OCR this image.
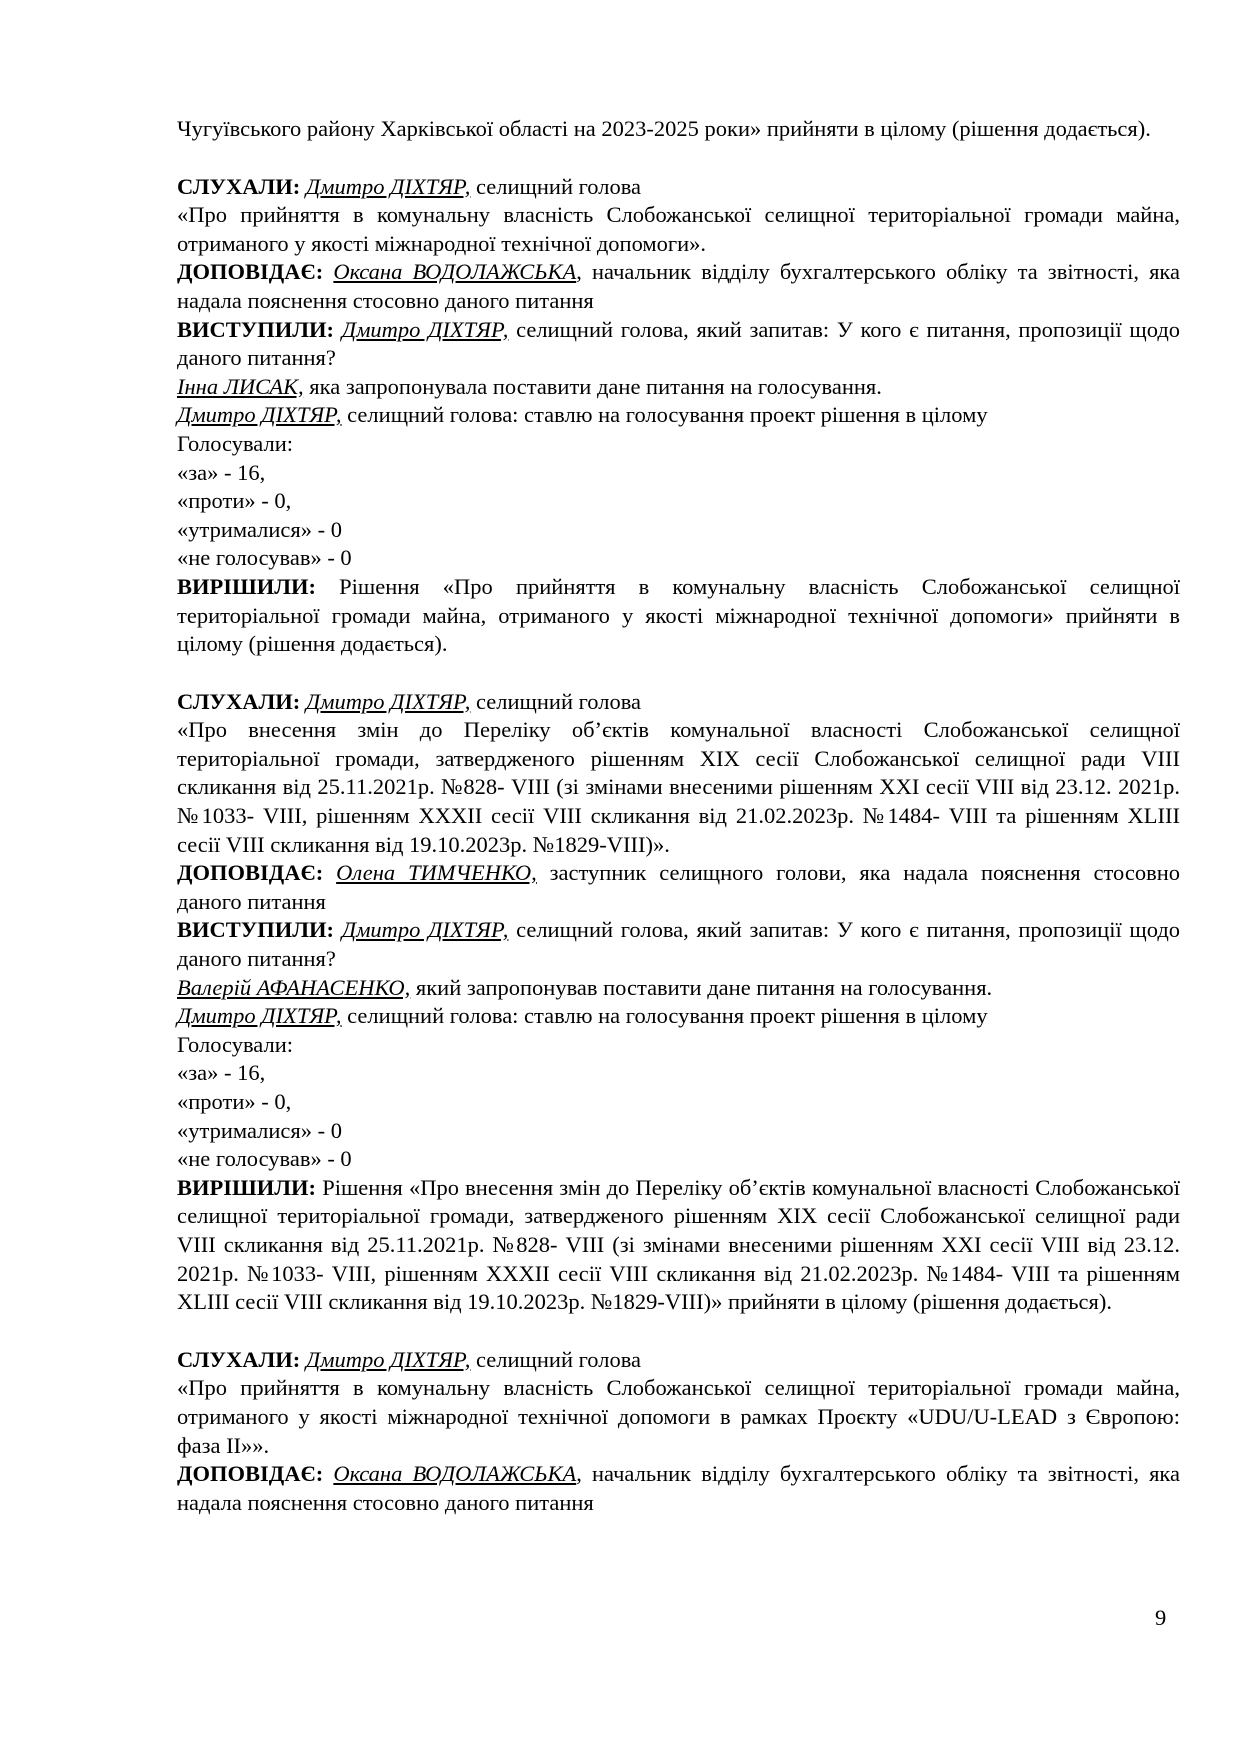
Чугуївського району Харківської області на 2023-2025 роки» прийняти в цілому (рішення додається).

СЛУХАЛИ: Дмитро ДІХТЯР, селищний голова

«Про прийняття в комунальну власність Слобожанської селищної територіальної громади майна, отриманого у якості міжнародної технічної допомоги».

ДОПОВІДАЄ: Оксана ВОДОЛАЖСЬКА, начальник відділу бухгалтерського обліку та звітності, яка надала пояснення стосовно даного питання

ВИСТУПИЛИ: Дмитро ДІХТЯР, селищний голова, який запитав: У кого є питання, пропозиції щодо даного питання?

Інна ЛИСАК, яка запропонувала поставити дане питання на голосування.

Дмитро ДІХТЯР, селищний голова: ставлю на голосування проект рішення в цілому

Голосували:

«за» - 16,

«проти» - 0,

«утрималися» - 0

«не голосував» - 0

ВИРІШИЛИ: Рішення «Про прийняття в комунальну власність Слобожанської селищної територіальної громади майна, отриманого у якості міжнародної технічної допомоги» прийняти в цілому (рішення додається).

СЛУХАЛИ: Дмитро ДІХТЯР, селищний голова

«Про внесення змін до Переліку об’єктів комунальної власності Слобожанської селищної територіальної громади, затвердженого рішенням XIX сесії Слобожанської селищної ради VIII скликання від 25.11.2021р. №828- VIII (зі змінами внесеними рішенням XXI сесії VIII від 23.12. 2021р. №1033- VIII, рішенням XXXII сесії VIII скликання від 21.02.2023р. №1484- VIII та рішенням XLIII сесії VIII скликання від 19.10.2023р. №1829-VIII)».

ДОПОВІДАЄ: Олена ТИМЧЕНКО, заступник селищного голови, яка надала пояснення стосовно даного питання

ВИСТУПИЛИ: Дмитро ДІХТЯР, селищний голова, який запитав: У кого є питання, пропозиції щодо даного питання?

Валерій АФАНАСЕНКО, який запропонував поставити дане питання на голосування.

Дмитро ДІХТЯР, селищний голова: ставлю на голосування проект рішення в цілому

Голосували:

«за» - 16,

«проти» - 0,

«утрималися» - 0

«не голосував» - 0

ВИРІШИЛИ: Рішення «Про внесення змін до Переліку об’єктів комунальної власності Слобожанської селищної територіальної громади, затвердженого рішенням XIX сесії Слобожанської селищної ради VIII скликання від 25.11.2021р. №828- VIII (зі змінами внесеними рішенням XXI сесії VIII від 23.12. 2021р. №1033- VIII, рішенням XXXII сесії VIII скликання від 21.02.2023р. №1484- VIII та рішенням XLIII сесії VIII скликання від 19.10.2023р. №1829-VIII)» прийняти в цілому (рішення додається).

СЛУХАЛИ: Дмитро ДІХТЯР, селищний голова

«Про прийняття в комунальну власність Слобожанської селищної територіальної громади майна, отриманого у якості міжнародної технічної допомоги в рамках Проєкту «UDU/U-LEAD з Європою: фаза ІІ»».

ДОПОВІДАЄ: Оксана ВОДОЛАЖСЬКА, начальник відділу бухгалтерського обліку та звітності, яка надала пояснення стосовно даного питання

9
